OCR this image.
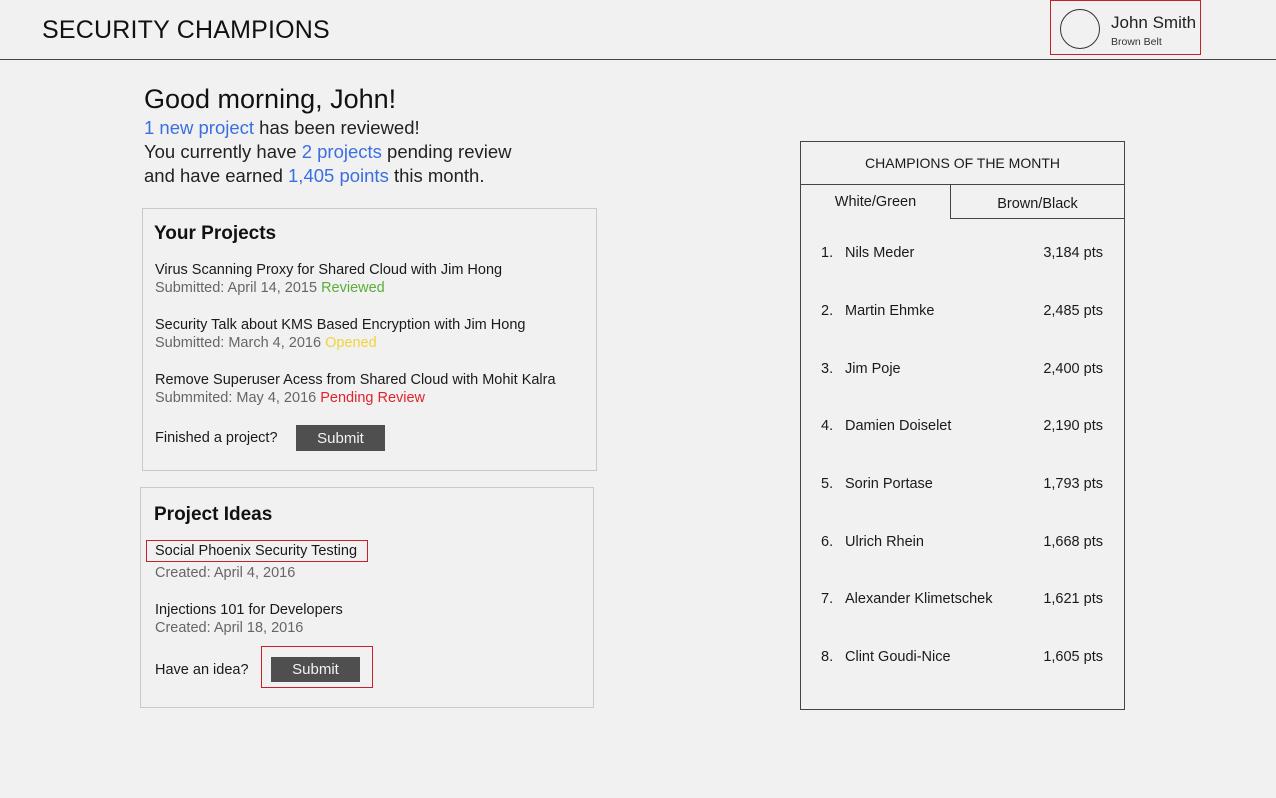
SECURITY CHAMPIONS	John Smith
Brown Belt
Good morning, John!
1 new project has been reviewed!
You currently have 2 projects pending review
and have earned 1,405 points this month.
Your Projects
Virus Scanning Proxy for Shared Cloud with Jim Hong
Submitted: April 14, 2015 Reviewed
Security Talk about KMS Based Encryption with Jim Hong
Submitted: March 4, 2016 Opened
Remove Superuser Acess from Shared Cloud with Mohit Kalra
Submmited: May 4, 2016 Pending Review
Finished a project?	Submit
Project Ideas
Social Phoenix Security Testing
Created: April 4, 2016
Injections 101 for Developers
Created: April 18, 2016
Have an idea?	Submit
CHAMPIONS OF THE MONTH
White/Green	Brown/Black
1. Nils Meder	3,184 pts
2. Martin Ehmke	2,485 pts
3. Jim Poje	2,400 pts
4. Damien Doiselet	2,190 pts
5. Sorin Portase	1,793 pts
6. Ulrich Rhein	1,668 pts
7. Alexander Klimetschek	1,621 pts
8. Clint Goudi-Nice	1,605 pts
